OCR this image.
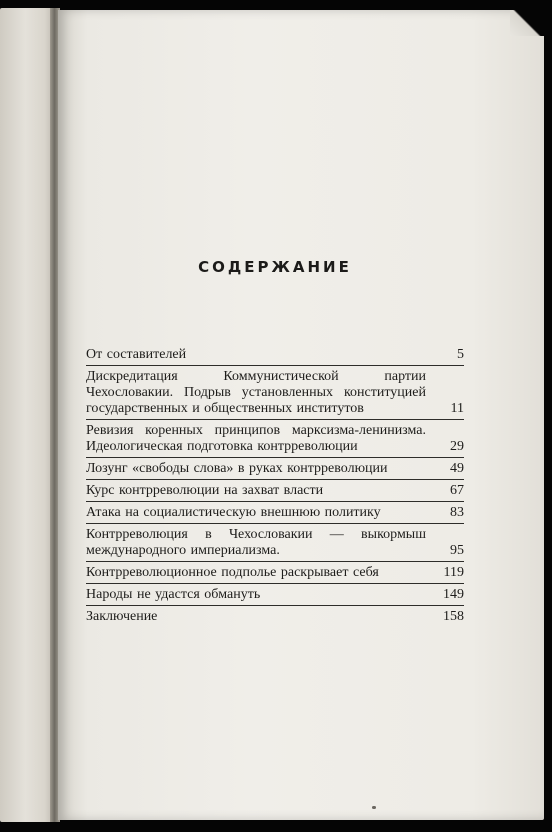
СОДЕРЖАНИЕ
От составителей	5
Дискредитация Коммунистической партии Чехословакии. Подрыв установленных конституцией государственных и общественных институтов	11
Ревизия коренных принципов марксизма-ленинизма. Идеологическая подготовка контрреволюции	29
Лозунг «свободы слова» в руках контрреволюции	49
Курс контрреволюции на захват власти	67
Атака на социалистическую внешнюю политику	83
Контрреволюция в Чехословакии — выкормыш международного империализма.	95
Контрреволюционное подполье раскрывает себя	119
Народы не удастся обмануть	149
Заключение	158
